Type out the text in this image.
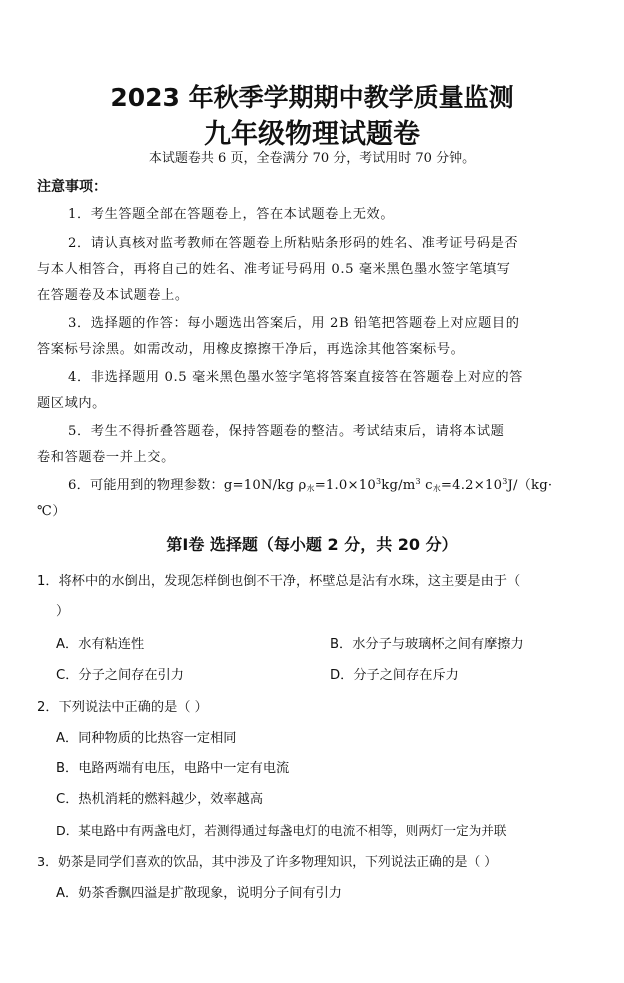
2023 年秋季学期期中教学质量监测
九年级物理试题卷
本试题卷共 6 页，全卷满分 70 分，考试用时 70 分钟。
注意事项：
1．考生答题全部在答题卷上，答在本试题卷上无效。
2．请认真核对监考教师在答题卷上所粘贴条形码的姓名、准考证号码是否
与本人相答合，再将自己的姓名、准考证号码用 0.5 毫米黑色墨水签字笔填写
在答题卷及本试题卷上。
3．选择题的作答：每小题选出答案后，用 2B 铅笔把答题卷上对应题目的
答案标号涂黑。如需改动，用橡皮擦擦干净后，再选涂其他答案标号。
4．非选择题用 0.5 毫米黑色墨水签字笔将答案直接答在答题卷上对应的答
题区域内。
5．考生不得折叠答题卷，保持答题卷的整洁。考试结束后，请将本试题
卷和答题卷一并上交。
6．可能用到的物理参数：g=10N/kg $\rho_水=1.0\times 10^3kg/m^3$ $c_水=4.2\times 10^3J/(kg\cdot$
℃）
第Ⅰ卷 选择题（每小题 2 分，共 20 分）
1．将杯中的水倒出，发现怎样倒也倒不干净，杯壁总是沾有水珠，这主要是由于（
）
A．水有粘连性	B．水分子与玻璃杯之间有摩擦力
C．分子之间存在引力	D．分子之间存在斥力
2．下列说法中正确的是（ ）
A．同种物质的比热容一定相同
B．电路两端有电压，电路中一定有电流
C．热机消耗的燃料越少，效率越高
D．某电路中有两盏电灯，若测得通过每盏电灯的电流不相等，则两灯一定为并联
3．奶茶是同学们喜欢的饮品，其中涉及了许多物理知识，下列说法正确的是（ ）
A．奶茶香飘四溢是扩散现象，说明分子间有引力
